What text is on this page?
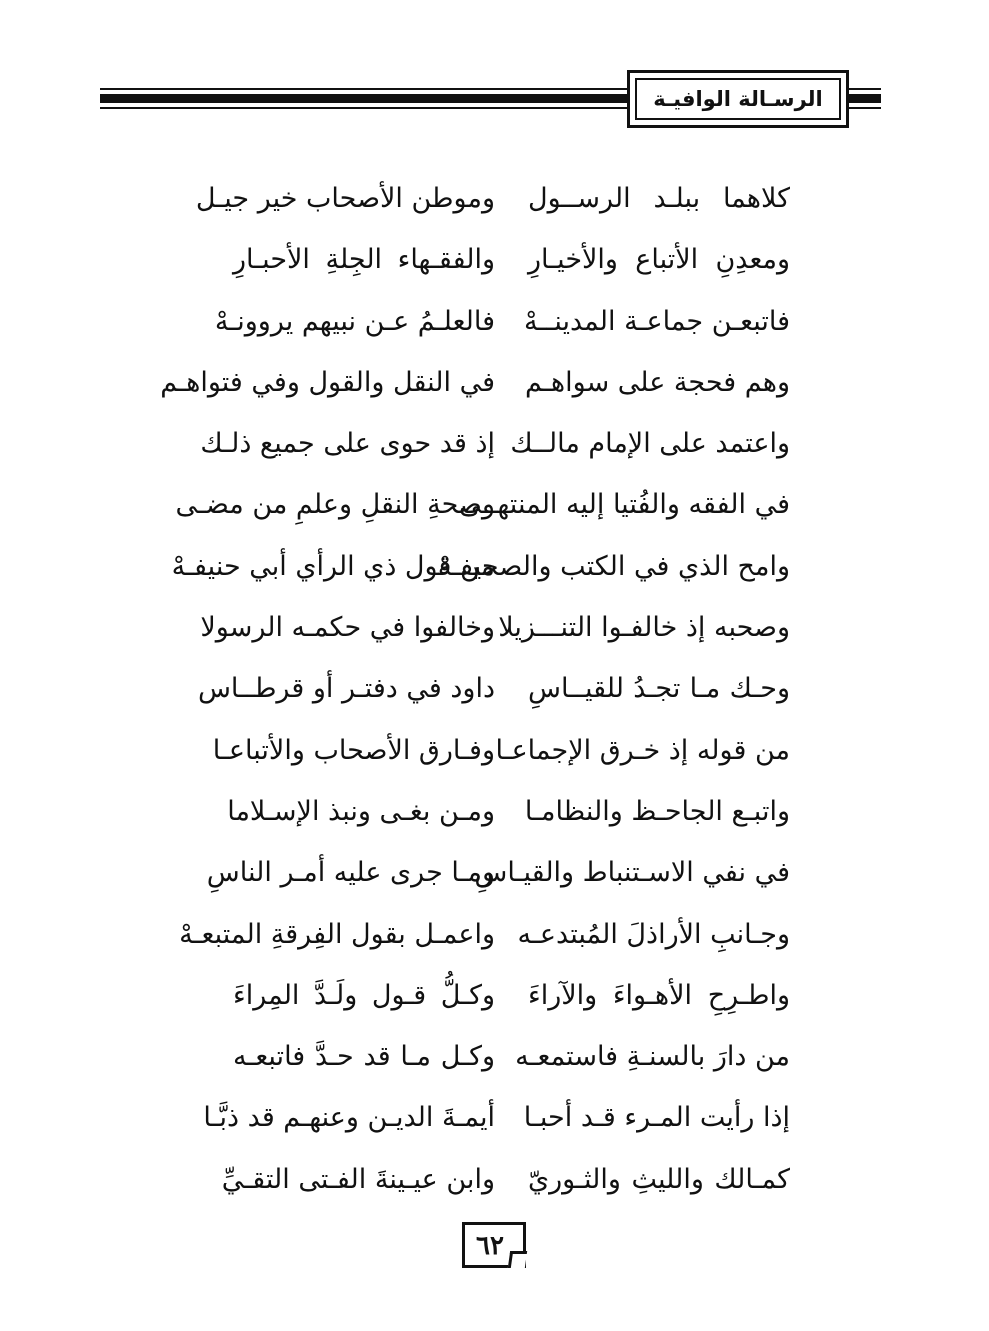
الرسـالة الوافيـة
كلاهما ببلـد الرســول
وموطن الأصحاب خير جيـل
ومعدِنِ الأتباع والأخيـارِ
والفقـهاء الجِلةِ الأحبـارِ
فاتبعـن جماعـة المدينــهْ
فالعلـمُ عـن نبيهم يروونـهْ
وهم فحجة على سواهـم
في النقل والقول وفي فتواهـم
واعتمد على الإمام مالــك
إذ قد حوى على جميع ذلـك
في الفقه والفُتيا إليه المنتهــى
وصحةِ النقلِ وعلمِ من مضـى
وامح الذي في الكتب والصحيفـهْ
من قول ذي الرأي أبي حنيفـهْ
وصحبه إذ خالفـوا التنـــزيلا
وخالفوا في حكمـه الرسولا
وحـك مـا تجـدُ للقيــاسِ
داود في دفتـر أو قرطــاس
من قوله إذ خـرق الإجماعـا
وفـارق الأصحاب والأتباعـا
واتبـع الجاحـظ والنظامـا
ومـن بغـى ونبذ الإسـلاما
في نفي الاسـتنباط والقيـاسِ
ومـا جرى عليه أمـر الناسِ
وجـانبِ الأراذلَ المُبتدعـه
واعمـل بقول الفِرقةِ المتبعـهْ
واطـرِحِ الأهـواءَ والآراءَ
وكـلُّ قـول ولَـدَّ المِراءَ
من دارَ بالسنـةِ فاستمعـه
وكـل مـا قد حـدَّ فاتبعـه
إذا رأيت المـرء قـد أحبـا
أيمـةَ الديـن وعنهـم قد ذبَّـا
كمـالك والليثِ والثـوريّ
وابن عيـينةَ الفـتى التقـيِّ
٦٢
